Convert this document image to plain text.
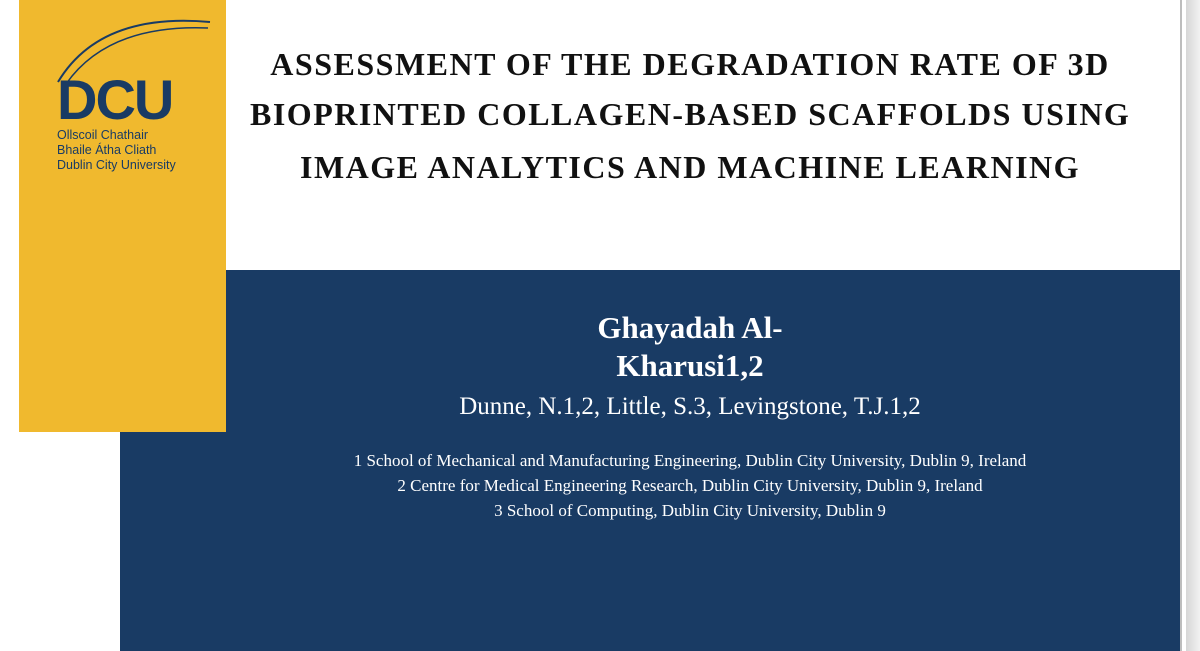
DCU
Ollscoil Chathair
Bhaile Átha Cliath
Dublin City University
ASSESSMENT OF THE DEGRADATION RATE OF 3D
BIOPRINTED COLLAGEN-BASED SCAFFOLDS USING
IMAGE ANALYTICS AND MACHINE LEARNING
Ghayadah Al-
Kharusi1,2
Dunne, N.1,2, Little, S.3, Levingstone, T.J.1,2
1 School of Mechanical and Manufacturing Engineering, Dublin City University, Dublin 9, Ireland
2 Centre for Medical Engineering Research, Dublin City University, Dublin 9, Ireland
3 School of Computing, Dublin City University, Dublin 9
